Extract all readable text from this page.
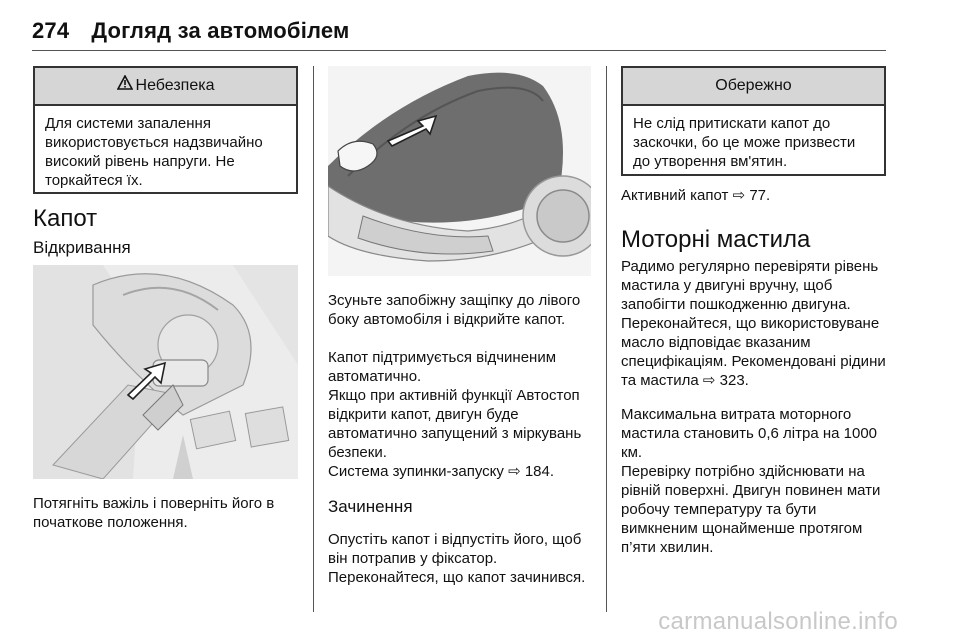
274 Догляд за автомобілем
Небезпека
Для системи запалення використовується надзвичайно високий рівень напруги. Не торкайтеся їх.
Капот
Відкривання
Потягніть важіль і поверніть його в початкове положення.
Зсуньте запобіжну защіпку до лівого боку автомобіля і відкрийте капот.
Капот підтримується відчиненим автоматично.
Якщо при активній функції Автостоп відкрити капот, двигун буде автоматично запущений з міркувань безпеки.
Система зупинки-запуску ⇨ 184.
Зачинення
Опустіть капот і відпустіть його, щоб він потрапив у фіксатор. Переконайтеся, що капот зачинився.
Обережно
Не слід притискати капот до заскочки, бо це може призвести до утворення вм'ятин.
Активний капот ⇨ 77.
Моторні мастила
Радимо регулярно перевіряти рівень мастила у двигуні вручну, щоб запобігти пошкодженню двигуна. Переконайтеся, що використовуване масло відповідає вказаним специфікаціям. Рекомендовані рідини та мастила ⇨ 323.
Максимальна витрата моторного мастила становить 0,6 літра на 1000 км.
Перевірку потрібно здійснювати на рівній поверхні. Двигун повинен мати робочу температуру та бути вимкненим щонайменше протягом п’яти хвилин.
carmanualsonline.info
